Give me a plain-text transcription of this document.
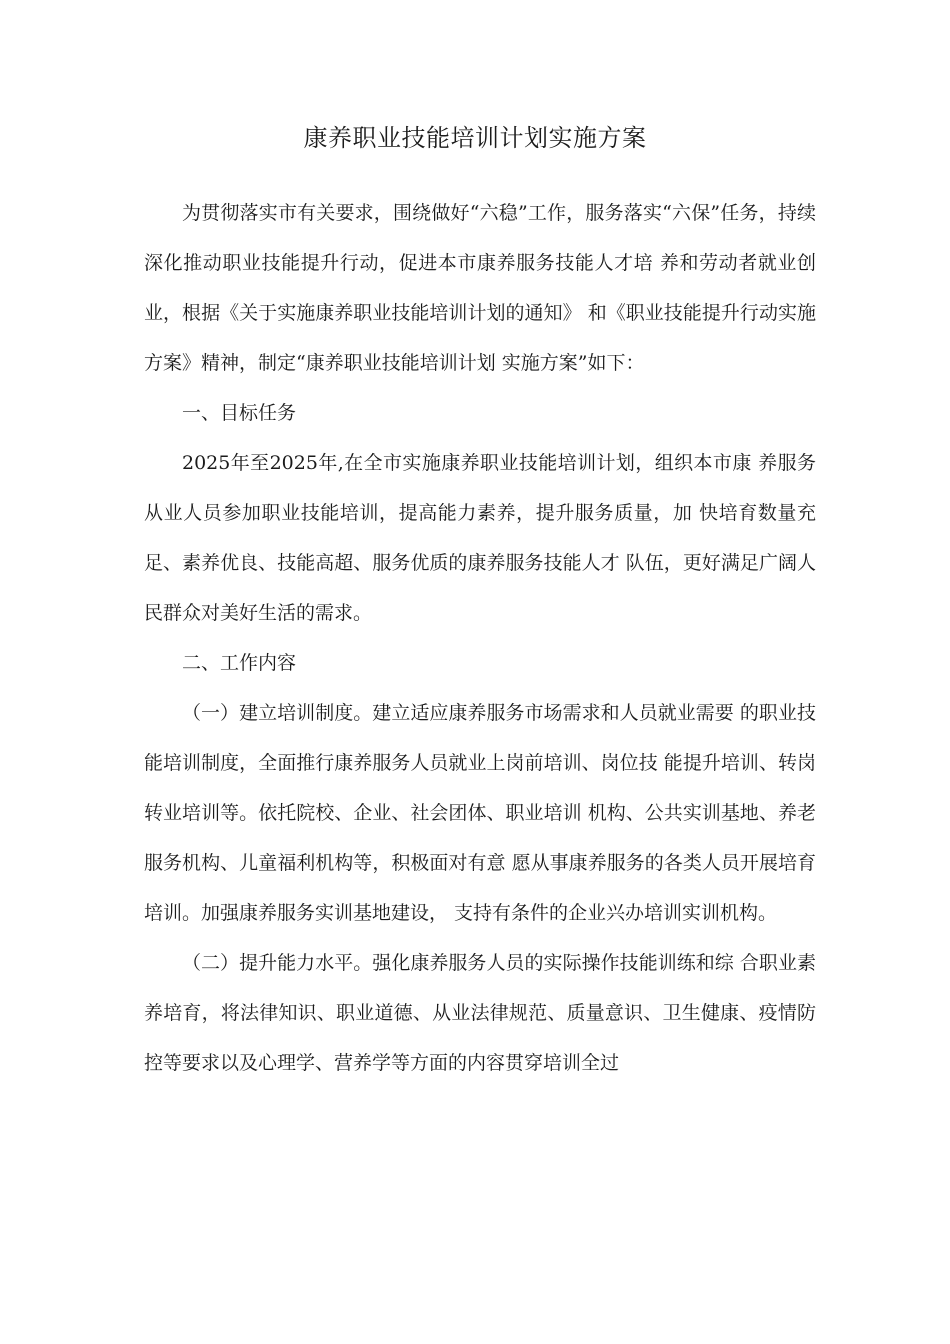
康养职业技能培训计划实施方案

为贯彻落实市有关要求，围绕做好“六稳”工作，服务落实“六保”任务，持续深化推动职业技能提升行动，促进本市康养服务技能人才培 养和劳动者就业创业，根据《关于实施康养职业技能培训计划的通知》 和《职业技能提升行动实施方案》精神，制定“康养职业技能培训计划 实施方案”如下：

一、目标任务

2025年至2025年,在全市实施康养职业技能培训计划，组织本市康 养服务从业人员参加职业技能培训，提高能力素养，提升服务质量，加 快培育数量充足、素养优良、技能高超、服务优质的康养服务技能人才 队伍，更好满足广阔人民群众对美好生活的需求。

二、工作内容

（一）建立培训制度。建立适应康养服务市场需求和人员就业需要 的职业技能培训制度，全面推行康养服务人员就业上岗前培训、岗位技 能提升培训、转岗转业培训等。依托院校、企业、社会团体、职业培训 机构、公共实训基地、养老服务机构、儿童福利机构等，积极面对有意 愿从事康养服务的各类人员开展培育培训。加强康养服务实训基地建设， 支持有条件的企业兴办培训实训机构。

（二）提升能力水平。强化康养服务人员的实际操作技能训练和综 合职业素养培育，将法律知识、职业道德、从业法律规范、质量意识、卫生健康、疫情防控等要求以及心理学、营养学等方面的内容贯穿培训全过
